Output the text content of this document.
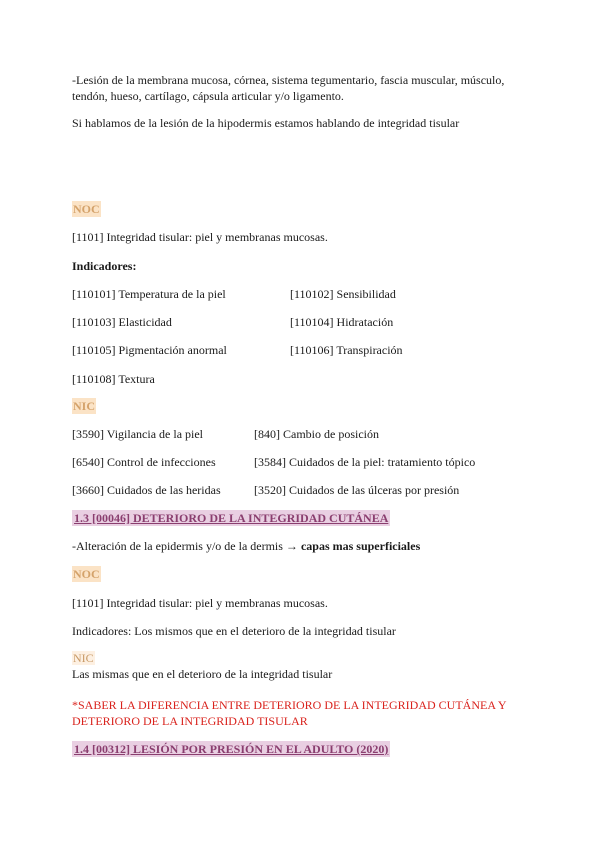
-Lesión de la membrana mucosa, córnea, sistema tegumentario, fascia muscular, músculo, tendón, hueso, cartílago, cápsula articular y/o ligamento.
Si hablamos de la lesión de la hipodermis estamos hablando de integridad tisular
NOC
[1101] Integridad tisular: piel y membranas mucosas.
Indicadores:
[110101] Temperatura de la piel	[110102] Sensibilidad
[110103] Elasticidad	[110104] Hidratación
[110105] Pigmentación anormal	[110106] Transpiración
[110108] Textura
NIC
[3590] Vigilancia de la piel	[840] Cambio de posición
[6540] Control de infecciones	[3584] Cuidados de la piel: tratamiento tópico
[3660] Cuidados de las heridas	[3520] Cuidados de las úlceras por presión
1.3 [00046] DETERIORO DE LA INTEGRIDAD CUTÁNEA
-Alteración de la epidermis y/o de la dermis → capas mas superficiales
NOC
[1101] Integridad tisular: piel y membranas mucosas.
Indicadores: Los mismos que en el deterioro de la integridad tisular
NIC
Las mismas que en el deterioro de la integridad tisular
*SABER LA DIFERENCIA ENTRE DETERIORO DE LA INTEGRIDAD CUTÁNEA Y DETERIORO DE LA INTEGRIDAD TISULAR
1.4 [00312] LESIÓN POR PRESIÓN EN EL ADULTO (2020)
